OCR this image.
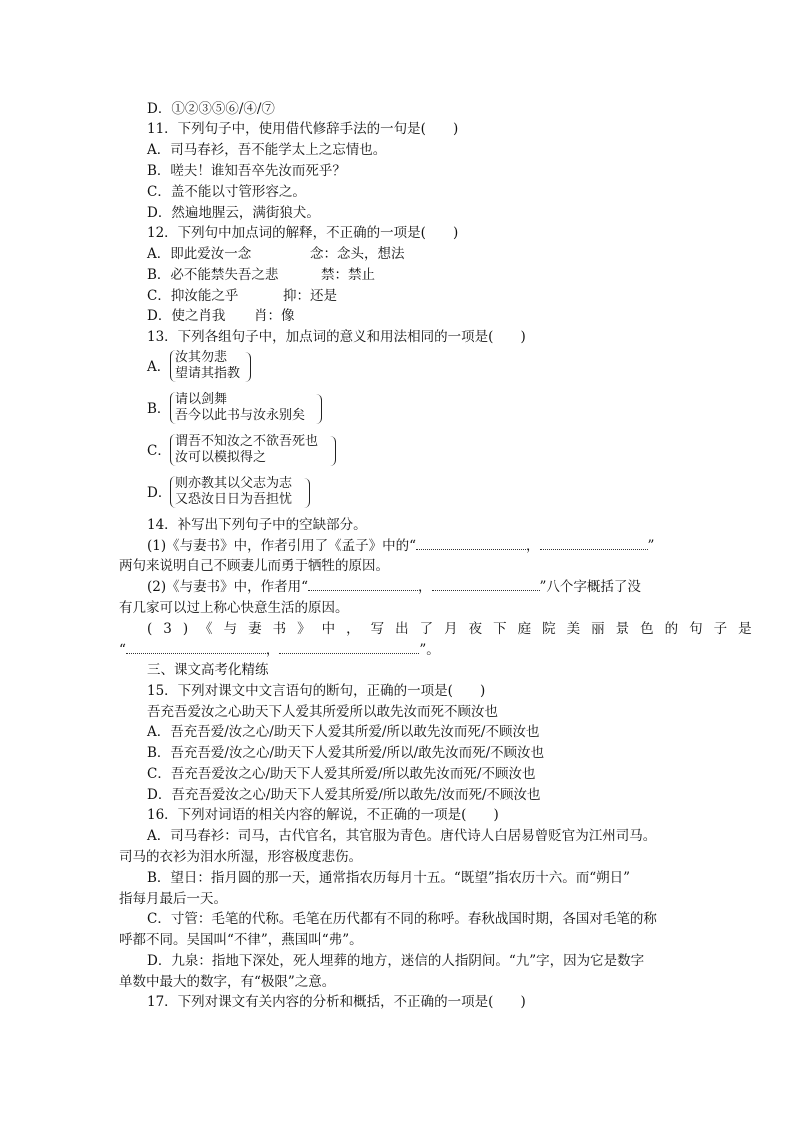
D．①②③⑤⑥/④/⑦
11．下列句子中，使用借代修辞手法的一句是(　　)
A．司马春衫，吾不能学太上之忘情也。
B．嗟夫！谁知吾卒先汝而死乎？
C．盖不能以寸管形容之。
D．然遍地腥云，满街狼犬。
12．下列句中加点词的解释，不正确的一项是(　　)
A．即此爱汝一念	念：念头，想法
B．必不能禁失吾之悲	禁：禁止
C．抑汝能之乎	抑：还是
D．使之肖我 肖：像
13．下列各组句子中，加点词的意义和用法相同的一项是(　　)
A．
汝其勿悲
望请其指教
B．
请以剑舞
吾今以此书与汝永别矣
C．
谓吾不知汝之不欲吾死也
汝可以模拟得之
D．
则亦教其以父志为志
又恐汝日日为吾担忧
14．补写出下列句子中的空缺部分。
(1)《与妻书》中，作者引用了《孟子》中的“	，	”
两句来说明自己不顾妻儿而勇于牺牲的原因。
(2)《与妻书》中，作者用“	，	”八个字概括了没
有几家可以过上称心快意生活的原因。
(3)《与妻书》中，写出了月夜下庭院美丽景色的句子是
“	，	”。
三、课文高考化精练
15．下列对课文中文言语句的断句，正确的一项是(　　)
吾充吾爱汝之心助天下人爱其所爱所以敢先汝而死不顾汝也
A．吾充吾爱/汝之心/助天下人爱其所爱/所以敢先汝而死/不顾汝也
B．吾充吾爱/汝之心/助天下人爱其所爱/所以/敢先汝而死/不顾汝也
C．吾充吾爱汝之心/助天下人爱其所爱/所以敢先汝而死/不顾汝也
D．吾充吾爱汝之心/助天下人爱其所爱/所以敢先/汝而死/不顾汝也
16．下列对词语的相关内容的解说，不正确的一项是(　　)
A．司马春衫：司马，古代官名，其官服为青色。唐代诗人白居易曾贬官为江州司马。
司马的衣衫为泪水所湿，形容极度悲伤。
B．望日：指月圆的那一天，通常指农历每月十五。“既望”指农历十六。而“朔日”
指每月最后一天。
C．寸管：毛笔的代称。毛笔在历代都有不同的称呼。春秋战国时期，各国对毛笔的称
呼都不同。吴国叫“不律”，燕国叫“弗”。
D．九泉：指地下深处，死人埋葬的地方，迷信的人指阴间。“九”字，因为它是数字
单数中最大的数字，有“极限”之意。
17．下列对课文有关内容的分析和概括，不正确的一项是(　　)
